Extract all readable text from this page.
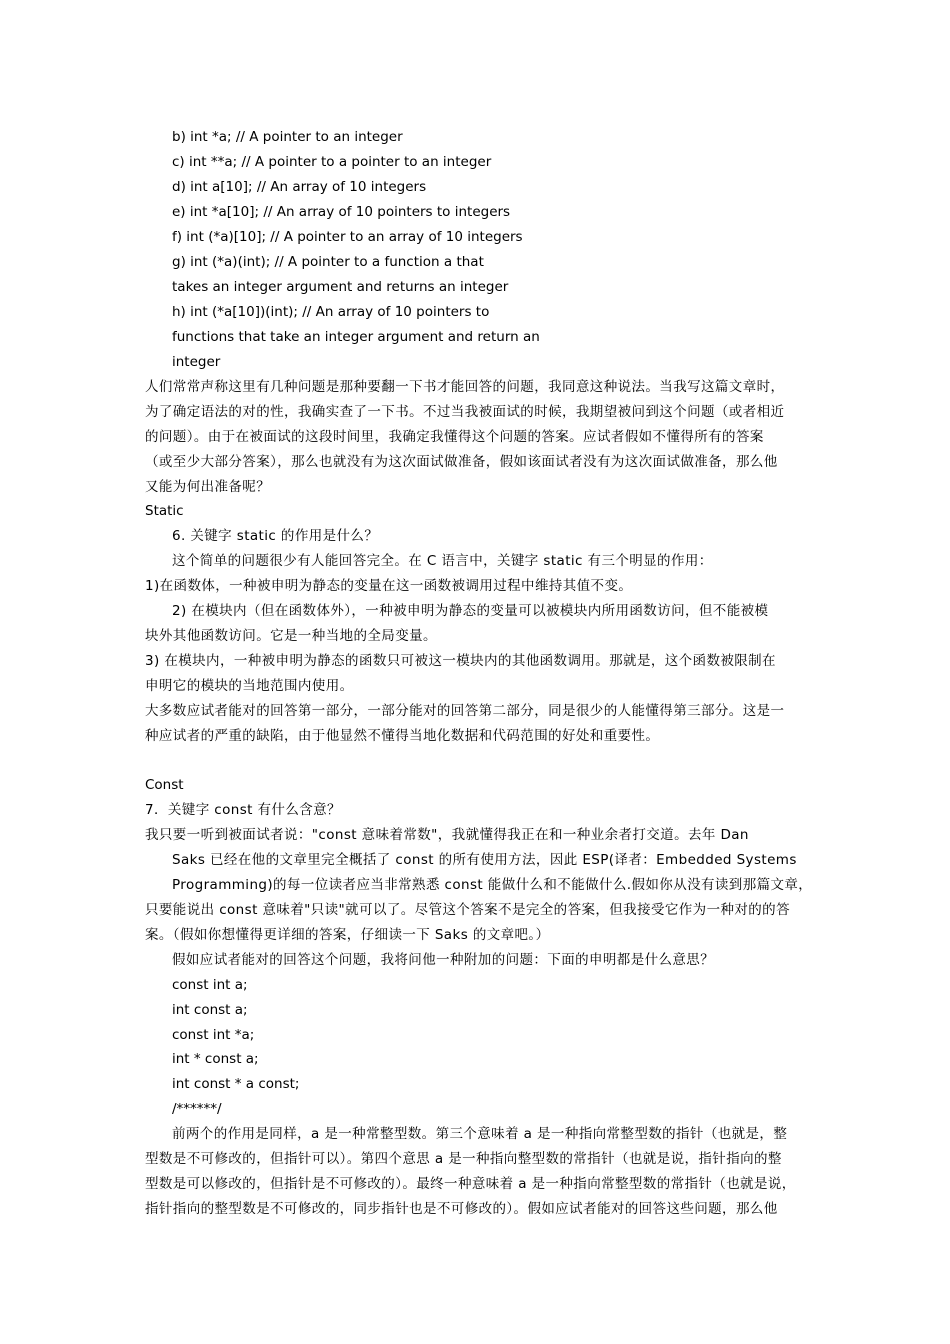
b) int *a; // A pointer to an integer
c) int **a; // A pointer to a pointer to an integer
d) int a[10]; // An array of 10 integers
e) int *a[10]; // An array of 10 pointers to integers
f) int (*a)[10]; // A pointer to an array of 10 integers
g) int (*a)(int); // A pointer to a function a that
takes an integer argument and returns an integer
h) int (*a[10])(int); // An array of 10 pointers to
functions that take an integer argument and return an
integer
人们常常声称这里有几种问题是那种要翻一下书才能回答的问题，我同意这种说法。当我写这篇文章时，
为了确定语法的对的性，我确实查了一下书。不过当我被面试的时候，我期望被问到这个问题（或者相近
的问题）。由于在被面试的这段时间里，我确定我懂得这个问题的答案。应试者假如不懂得所有的答案
（或至少大部分答案），那么也就没有为这次面试做准备，假如该面试者没有为这次面试做准备，那么他
又能为何出准备呢？
Static
6. 关键字 static 的作用是什么？
这个简单的问题很少有人能回答完全。在 C 语言中，关键字 static 有三个明显的作用：
1)在函数体，一种被申明为静态的变量在这一函数被调用过程中维持其值不变。
2) 在模块内（但在函数体外），一种被申明为静态的变量可以被模块内所用函数访问，但不能被模
块外其他函数访问。它是一种当地的全局变量。
3) 在模块内，一种被申明为静态的函数只可被这一模块内的其他函数调用。那就是，这个函数被限制在
申明它的模块的当地范围内使用。
大多数应试者能对的回答第一部分，一部分能对的回答第二部分，同是很少的人能懂得第三部分。这是一
种应试者的严重的缺陷，由于他显然不懂得当地化数据和代码范围的好处和重要性。
Const
7．关键字 const 有什么含意？
我只要一听到被面试者说："const 意味着常数"，我就懂得我正在和一种业余者打交道。去年 Dan
Saks 已经在他的文章里完全概括了 const 的所有使用方法，因此 ESP(译者：Embedded Systems
Programming)的每一位读者应当非常熟悉 const 能做什么和不能做什么.假如你从没有读到那篇文章，
只要能说出 const 意味着"只读"就可以了。尽管这个答案不是完全的答案，但我接受它作为一种对的的答
案。（假如你想懂得更详细的答案，仔细读一下 Saks 的文章吧。）
假如应试者能对的回答这个问题，我将问他一种附加的问题：下面的申明都是什么意思？
const int a;
int const a;
const int *a;
int * const a;
int const * a const;
/******/
前两个的作用是同样，a 是一种常整型数。第三个意味着 a 是一种指向常整型数的指针（也就是，整
型数是不可修改的，但指针可以）。第四个意思 a 是一种指向整型数的常指针（也就是说，指针指向的整
型数是可以修改的，但指针是不可修改的）。最终一种意味着 a 是一种指向常整型数的常指针（也就是说，
指针指向的整型数是不可修改的，同步指针也是不可修改的）。假如应试者能对的回答这些问题，那么他
